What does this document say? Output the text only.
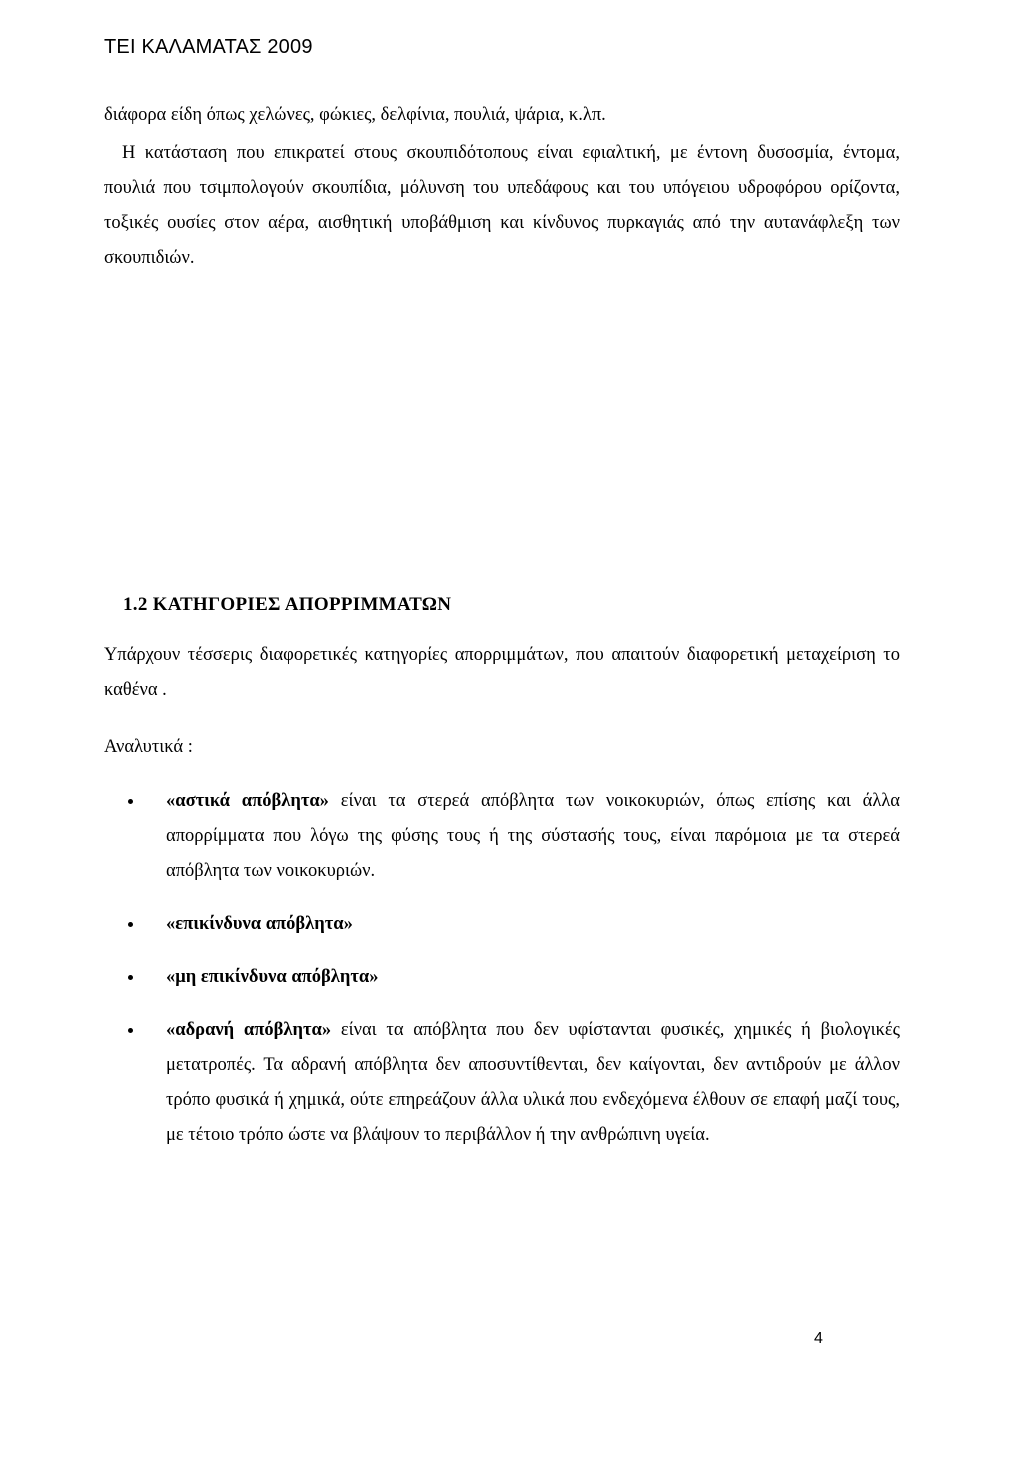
ΤΕΙ ΚΑΛΑΜΑΤΑΣ 2009
διάφορα είδη όπως χελώνες, φώκιες, δελφίνια, πουλιά, ψάρια, κ.λπ.
Η κατάσταση που επικρατεί στους σκουπιδότοπους είναι εφιαλτική, με έντονη δυσοσμία, έντομα, πουλιά που τσιμπολογούν σκουπίδια, μόλυνση του υπεδάφους και του υπόγειου υδροφόρου ορίζοντα, τοξικές ουσίες στον αέρα, αισθητική υποβάθμιση και κίνδυνος πυρκαγιάς από την αυτανάφλεξη των σκουπιδιών.
1.2 ΚΑΤΗΓΟΡΙΕΣ ΑΠΟΡΡΙΜΜΑΤΩΝ
Υπάρχουν τέσσερις διαφορετικές κατηγορίες απορριμμάτων, που απαιτούν διαφορετική μεταχείριση το καθένα .
Αναλυτικά :
«αστικά απόβλητα» είναι τα στερεά απόβλητα των νοικοκυριών, όπως επίσης και άλλα απορρίμματα που λόγω της φύσης τους ή της σύστασής τους, είναι παρόμοια με τα στερεά απόβλητα των νοικοκυριών.
«επικίνδυνα απόβλητα»
«μη επικίνδυνα απόβλητα»
«αδρανή απόβλητα» είναι τα απόβλητα που δεν υφίστανται φυσικές, χημικές ή βιολογικές μετατροπές. Τα αδρανή απόβλητα δεν αποσυντίθενται, δεν καίγονται, δεν αντιδρούν με άλλον τρόπο φυσικά ή χημικά, ούτε επηρεάζουν άλλα υλικά που ενδεχόμενα έλθουν σε επαφή μαζί τους, με τέτοιο τρόπο ώστε να βλάψουν το περιβάλλον ή την ανθρώπινη υγεία.
4
